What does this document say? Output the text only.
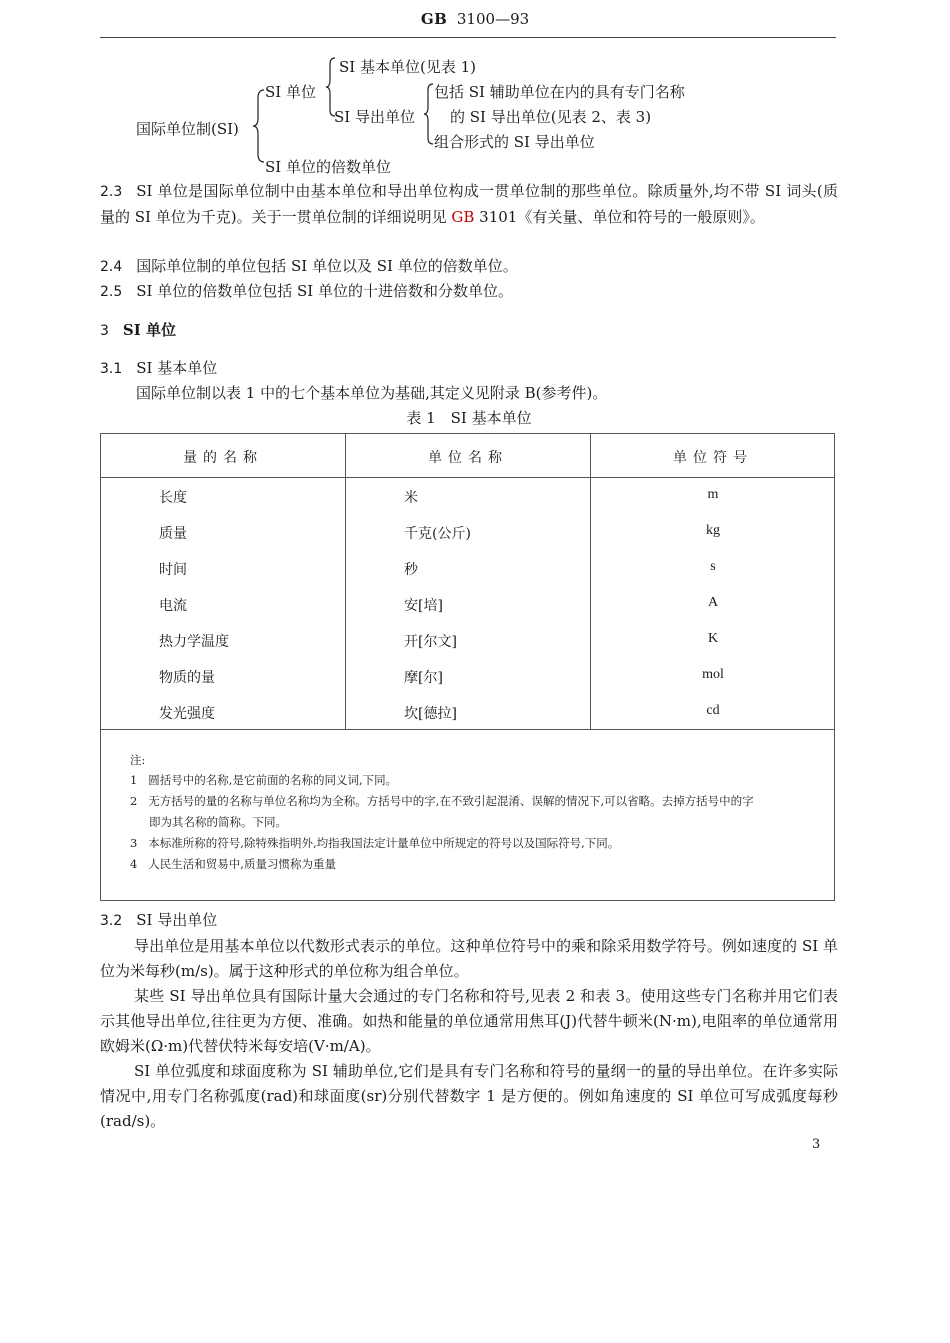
GB 3100—93
国际单位制(SI)
SI 单位
SI 基本单位(见表 1)
SI 导出单位
包括 SI 辅助单位在内的具有专门名称
的 SI 导出单位(见表 2、表 3)
组合形式的 SI 导出单位
SI 单位的倍数单位
2.3 SI 单位是国际单位制中由基本单位和导出单位构成一贯单位制的那些单位。除质量外,均不带 SI 词头(质量的 SI 单位为千克)。关于一贯单位制的详细说明见 GB 3101《有关量、单位和符号的一般原则》。
2.4 国际单位制的单位包括 SI 单位以及 SI 单位的倍数单位。
2.5 SI 单位的倍数单位包括 SI 单位的十进倍数和分数单位。
3 SI 单位
3.1 SI 基本单位
国际单位制以表 1 中的七个基本单位为基础,其定义见附录 B(参考件)。
表 1　SI 基本单位
量的名称	单位名称	单位符号
长度	米	m
质量	千克(公斤)	kg
时间	秒	s
电流	安[培]	A
热力学温度	开[尔文]	K
物质的量	摩[尔]	mol
发光强度	坎[德拉]	cd
注:
1 圆括号中的名称,是它前面的名称的同义词,下同。
2 无方括号的量的名称与单位名称均为全称。方括号中的字,在不致引起混淆、误解的情况下,可以省略。去掉方括号中的字
即为其名称的简称。下同。
3 本标准所称的符号,除特殊指明外,均指我国法定计量单位中所规定的符号以及国际符号,下同。
4 人民生活和贸易中,质量习惯称为重量
3.2 SI 导出单位
导出单位是用基本单位以代数形式表示的单位。这种单位符号中的乘和除采用数学符号。例如速度的 SI 单位为米每秒(m/s)。属于这种形式的单位称为组合单位。
某些 SI 导出单位具有国际计量大会通过的专门名称和符号,见表 2 和表 3。使用这些专门名称并用它们表示其他导出单位,往往更为方便、准确。如热和能量的单位通常用焦耳(J)代替牛顿米(N·m),电阻率的单位通常用欧姆米(Ω·m)代替伏特米每安培(V·m/A)。
SI 单位弧度和球面度称为 SI 辅助单位,它们是具有专门名称和符号的量纲一的量的导出单位。在许多实际情况中,用专门名称弧度(rad)和球面度(sr)分别代替数字 1 是方便的。例如角速度的 SI 单位可写成弧度每秒(rad/s)。
3
